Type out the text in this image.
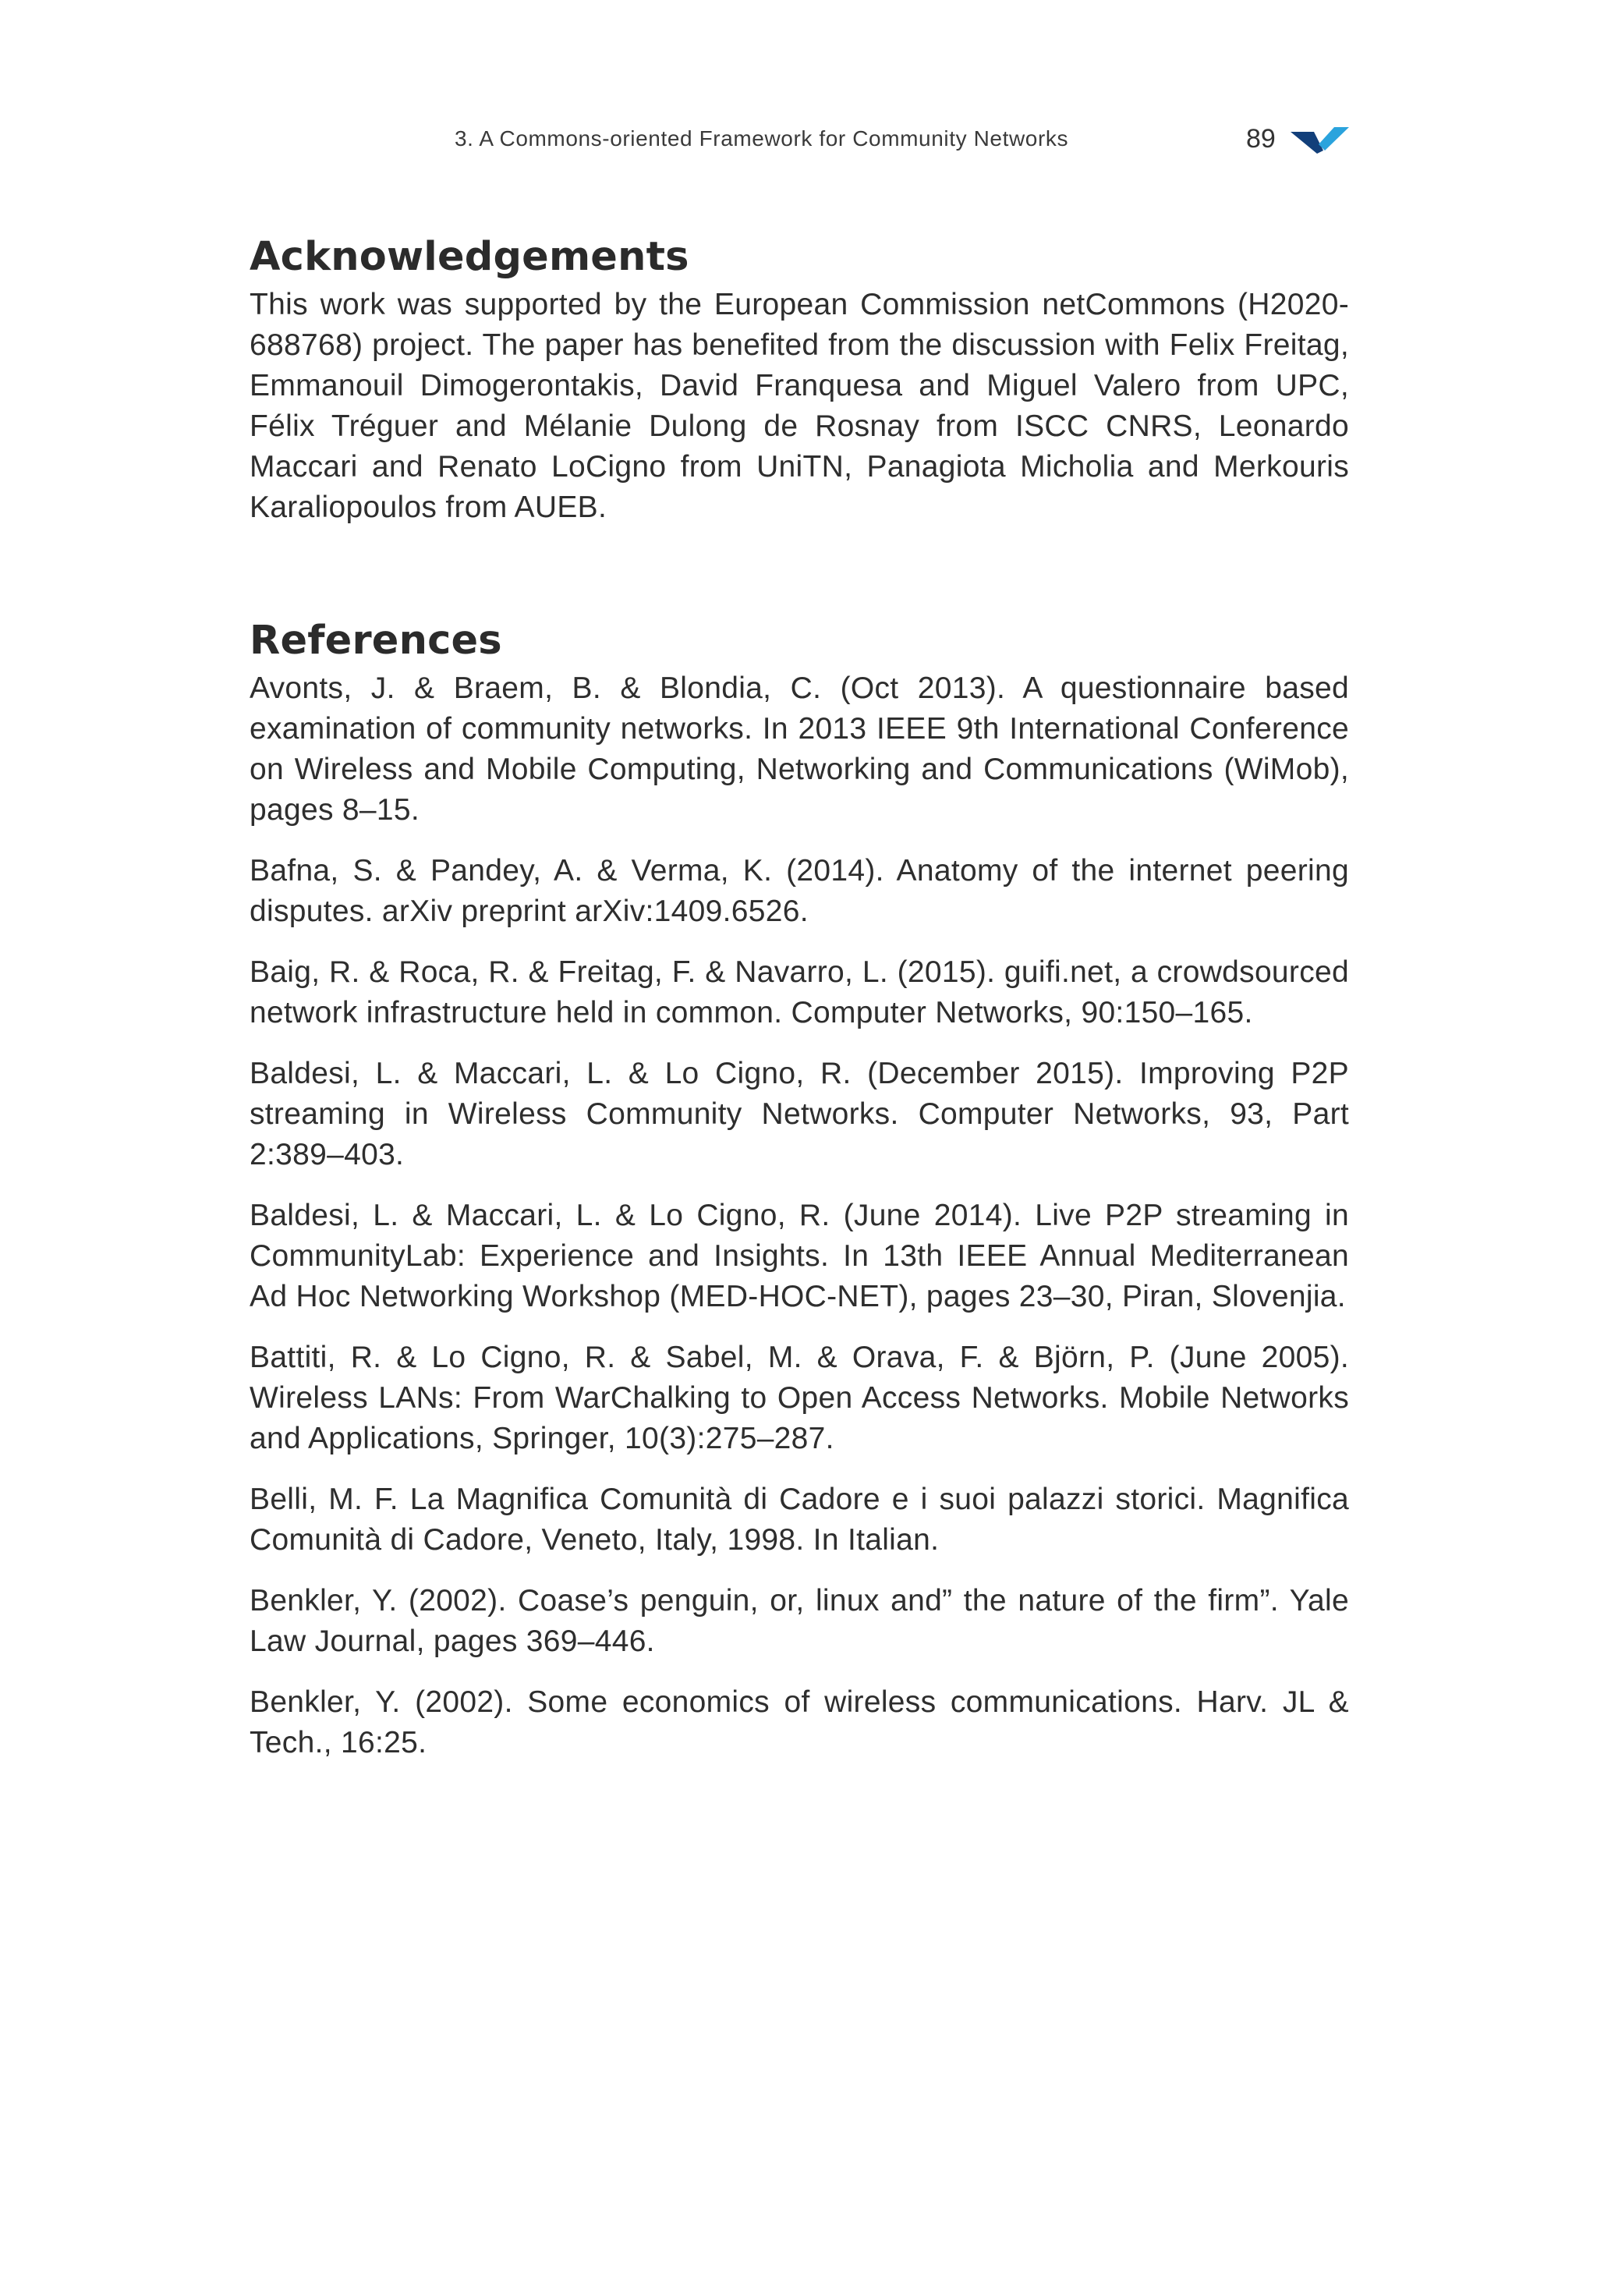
3. A Commons-oriented Framework for Community Networks	89
Acknowledgements

This work was supported by the European Commission netCommons (H2020-688768) project. The paper has benefited from the discussion with Felix Freitag, Emmanouil Dimogerontakis, David Franquesa and Miguel Valero from UPC, Félix Tréguer and Mélanie Dulong de Rosnay from ISCC CNRS, Leonardo Maccari and Renato LoCigno from UniTN, Panagiota Micholia and Merkouris Karaliopoulos from AUEB.

References
Avonts, J. & Braem, B. & Blondia, C. (Oct 2013). A questionnaire based examination of community networks. In 2013 IEEE 9th International Conference on Wireless and Mobile Computing, Networking and Communications (WiMob), pages 8–15.
Bafna, S. & Pandey, A. & Verma, K. (2014). Anatomy of the internet peering disputes. arXiv preprint arXiv:1409.6526.
Baig, R. & Roca, R. & Freitag, F. & Navarro, L. (2015). guifi.net, a crowdsourced network infrastructure held in common. Computer Networks, 90:150–165.
Baldesi, L. & Maccari, L. & Lo Cigno, R. (December 2015). Improving P2P streaming in Wireless Community Networks. Computer Networks, 93, Part 2:389–403.
Baldesi, L. & Maccari, L. & Lo Cigno, R. (June 2014). Live P2P streaming in CommunityLab: Experience and Insights. In 13th IEEE Annual Mediterranean Ad Hoc Networking Workshop (MED-HOC-NET), pages 23–30, Piran, Slovenjia.
Battiti, R. & Lo Cigno, R. & Sabel, M. & Orava, F. & Björn, P. (June 2005). Wireless LANs: From WarChalking to Open Access Networks. Mobile Networks and Applications, Springer, 10(3):275–287.
Belli, M. F. La Magnifica Comunità di Cadore e i suoi palazzi storici. Magnifica Comunità di Cadore, Veneto, Italy, 1998. In Italian.
Benkler, Y. (2002). Coase’s penguin, or, linux and” the nature of the firm”. Yale Law Journal, pages 369–446.
Benkler, Y. (2002). Some economics of wireless communications. Harv. JL & Tech., 16:25.
